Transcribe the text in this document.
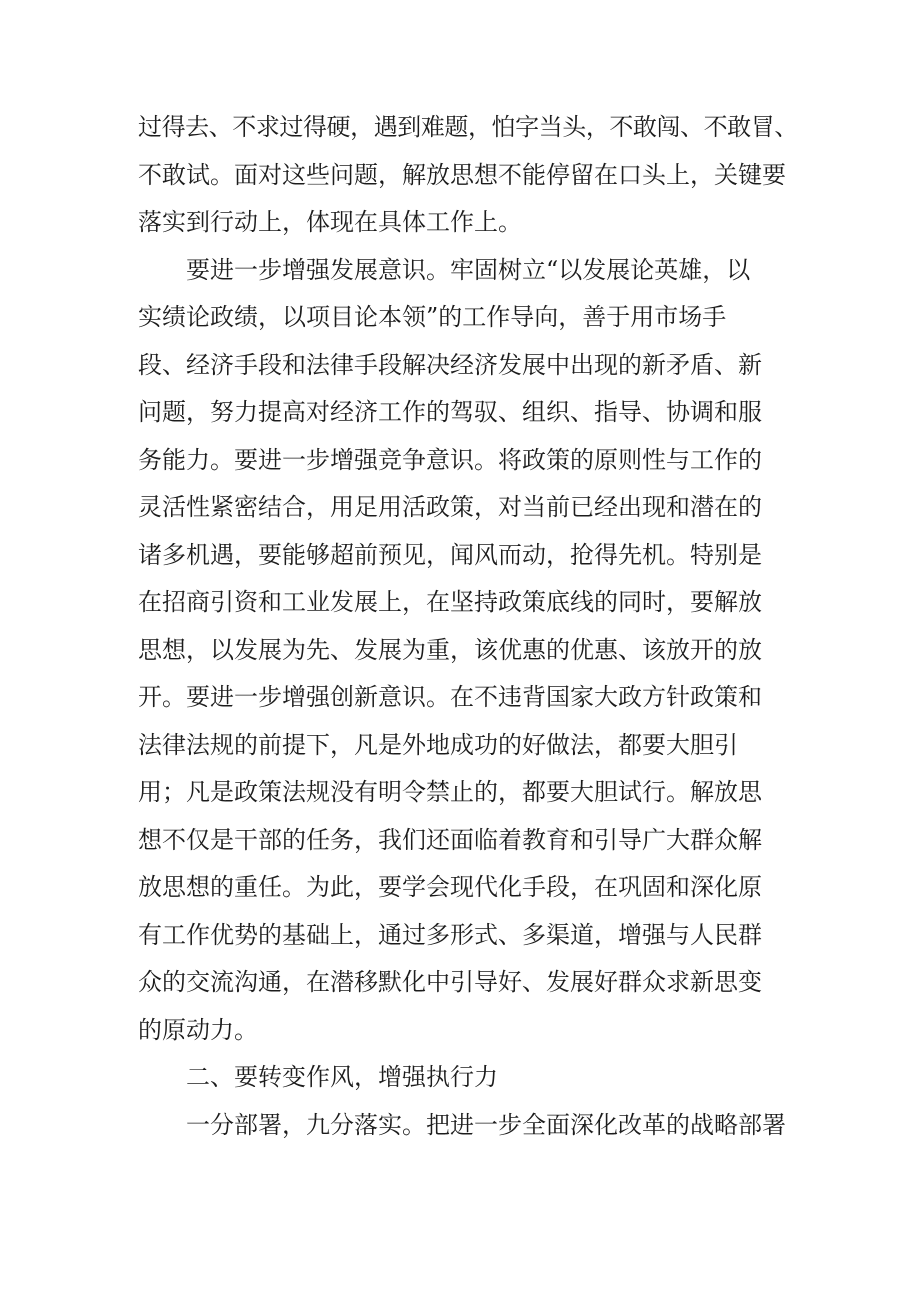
过得去、不求过得硬，遇到难题，怕字当头，不敢闯、不敢冒、
不敢试。面对这些问题，解放思想不能停留在口头上，关键要
落实到行动上，体现在具体工作上。
要进一步增强发展意识。牢固树立“以发展论英雄，以
实绩论政绩，以项目论本领”的工作导向，善于用市场手
段、经济手段和法律手段解决经济发展中出现的新矛盾、新
问题，努力提高对经济工作的驾驭、组织、指导、协调和服
务能力。要进一步增强竞争意识。将政策的原则性与工作的
灵活性紧密结合，用足用活政策，对当前已经出现和潜在的
诸多机遇，要能够超前预见，闻风而动，抢得先机。特别是
在招商引资和工业发展上，在坚持政策底线的同时，要解放
思想，以发展为先、发展为重，该优惠的优惠、该放开的放
开。要进一步增强创新意识。在不违背国家大政方针政策和
法律法规的前提下，凡是外地成功的好做法，都要大胆引
用；凡是政策法规没有明令禁止的，都要大胆试行。解放思
想不仅是干部的任务，我们还面临着教育和引导广大群众解
放思想的重任。为此，要学会现代化手段，在巩固和深化原
有工作优势的基础上，通过多形式、多渠道，增强与人民群
众的交流沟通，在潜移默化中引导好、发展好群众求新思变
的原动力。
二、要转变作风，增强执行力
一分部署，九分落实。把进一步全面深化改革的战略部署
